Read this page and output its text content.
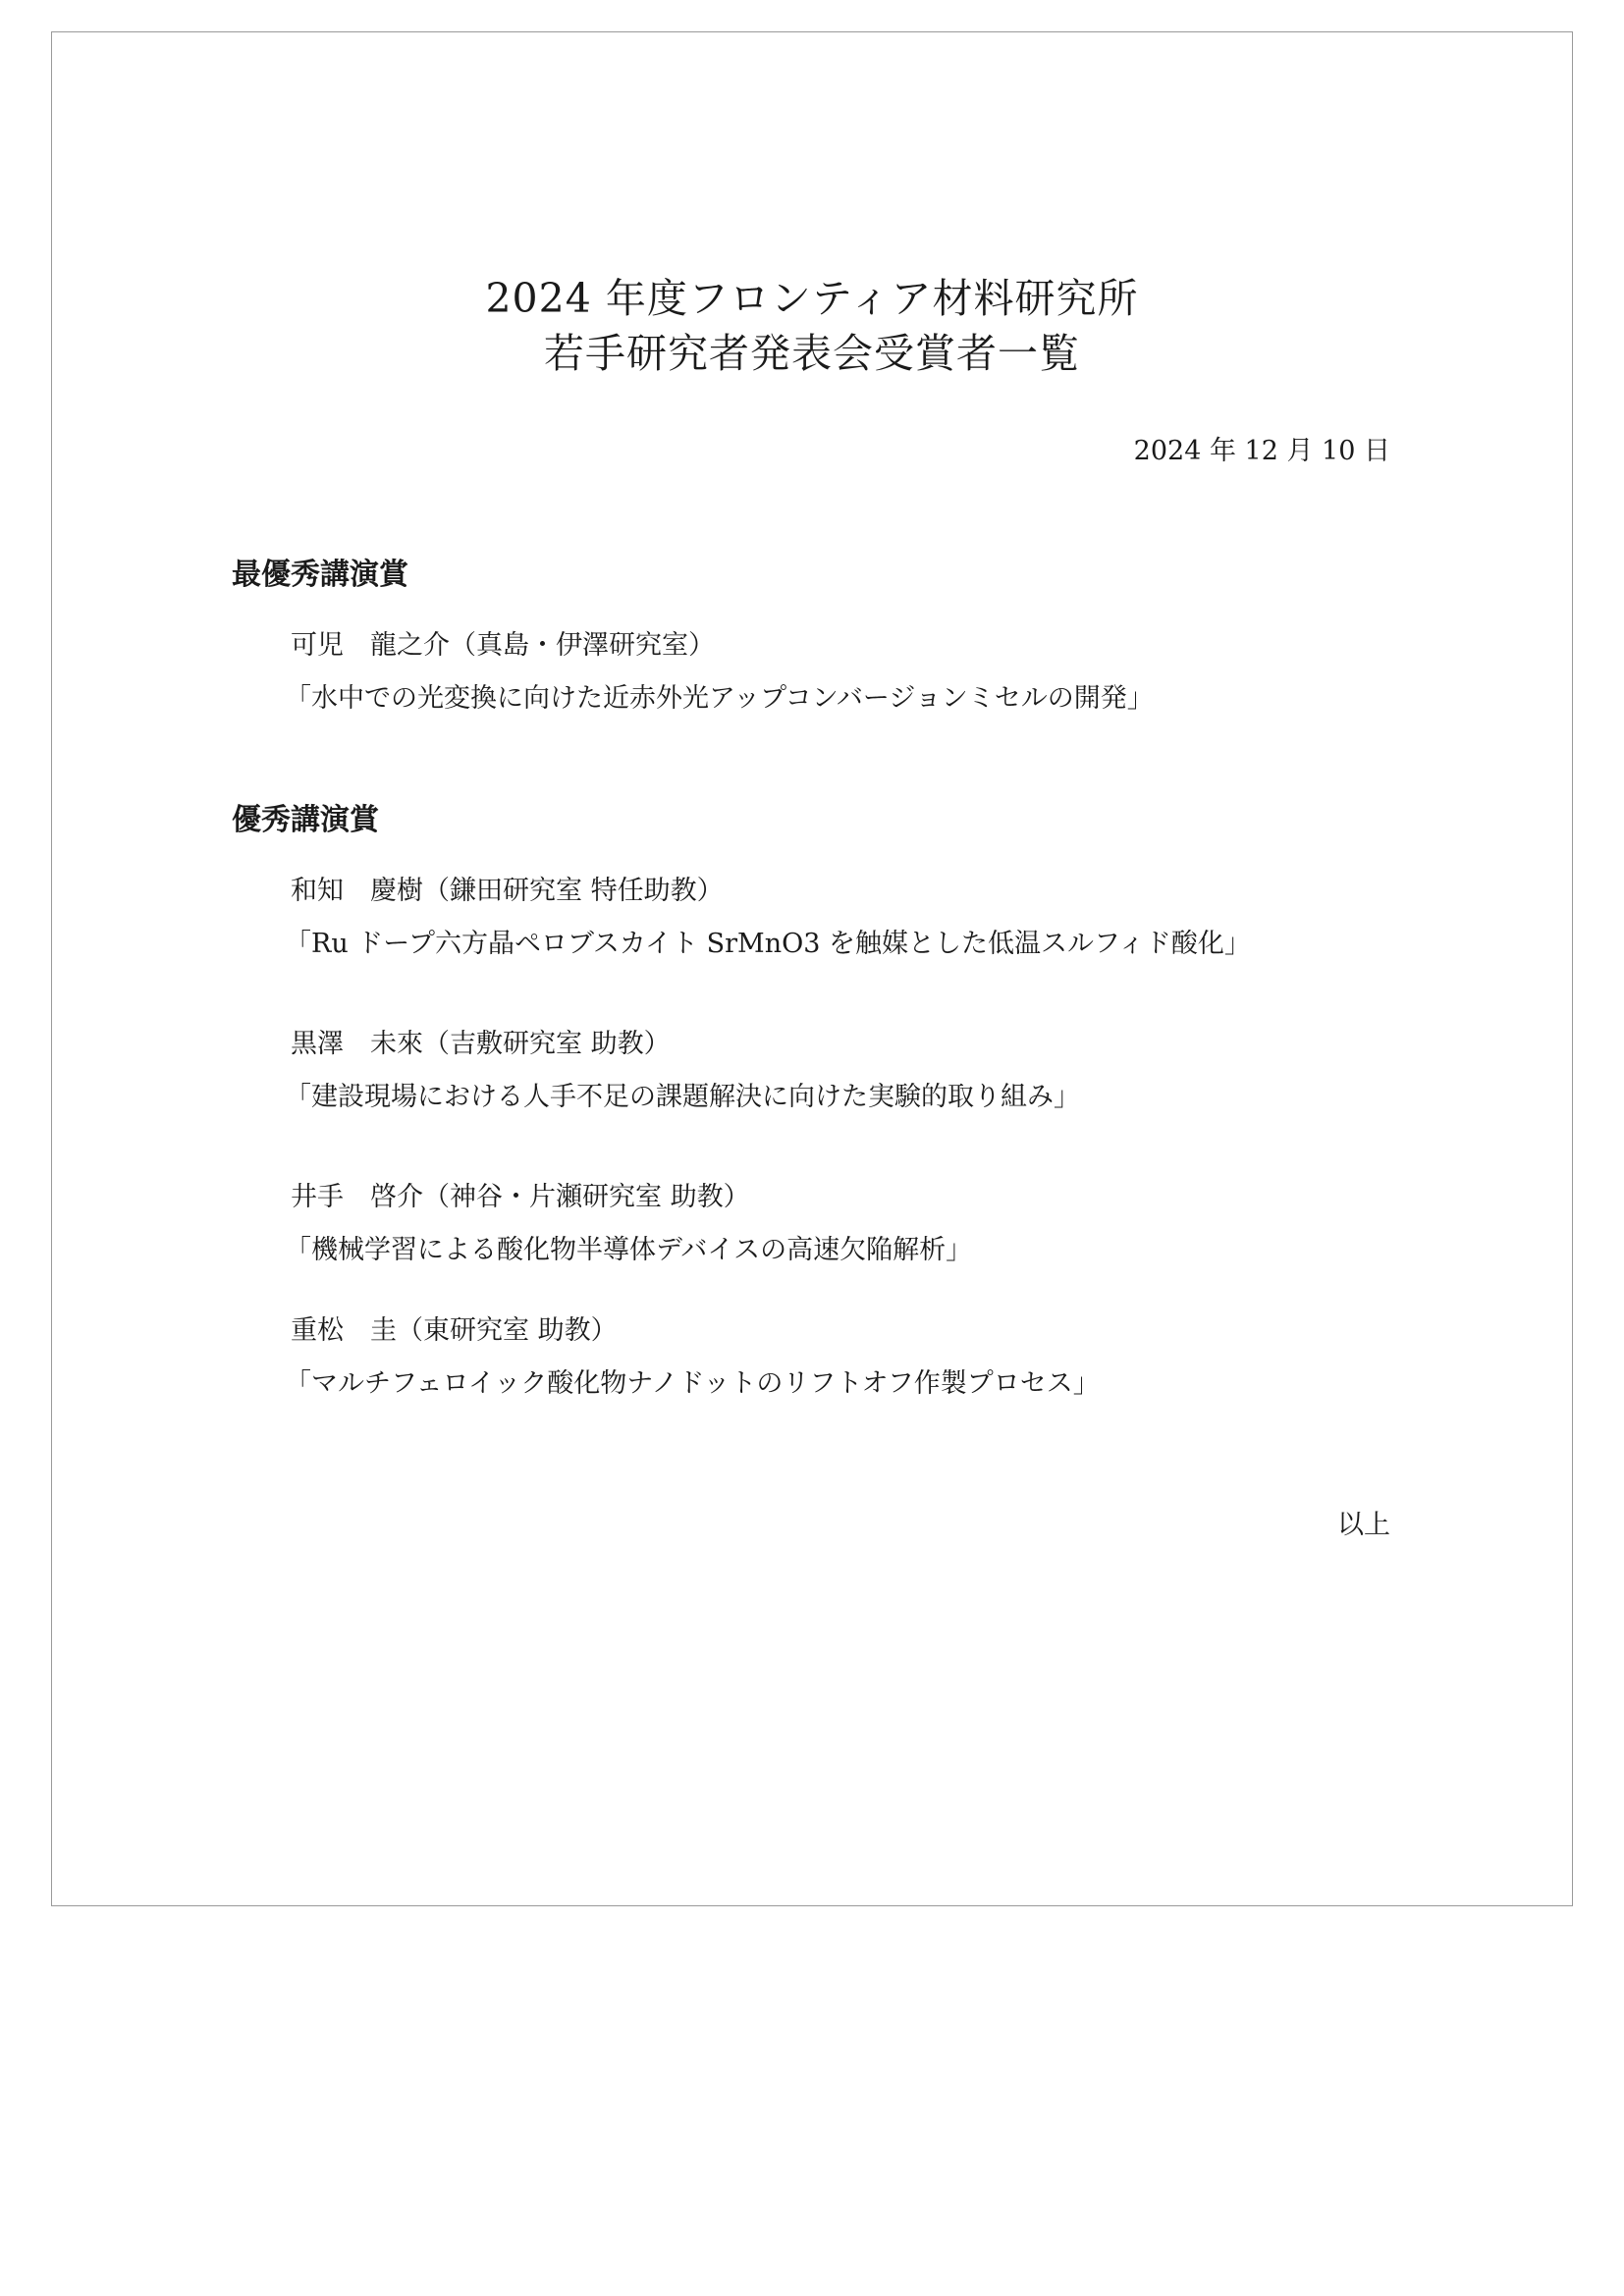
2024 年度フロンティア材料研究所
若手研究者発表会受賞者一覧
2024 年 12 月 10 日
最優秀講演賞
可児　龍之介（真島・伊澤研究室）
「水中での光変換に向けた近赤外光アップコンバージョンミセルの開発」
優秀講演賞
和知　慶樹（鎌田研究室 特任助教）
「Ru ドープ六方晶ペロブスカイト SrMnO3 を触媒とした低温スルフィド酸化」
黒澤　未來（吉敷研究室 助教）
「建設現場における人手不足の課題解決に向けた実験的取り組み」
井手　啓介（神谷・片瀬研究室 助教）
「機械学習による酸化物半導体デバイスの高速欠陥解析」
重松　圭（東研究室 助教）
「マルチフェロイック酸化物ナノドットのリフトオフ作製プロセス」
以上
